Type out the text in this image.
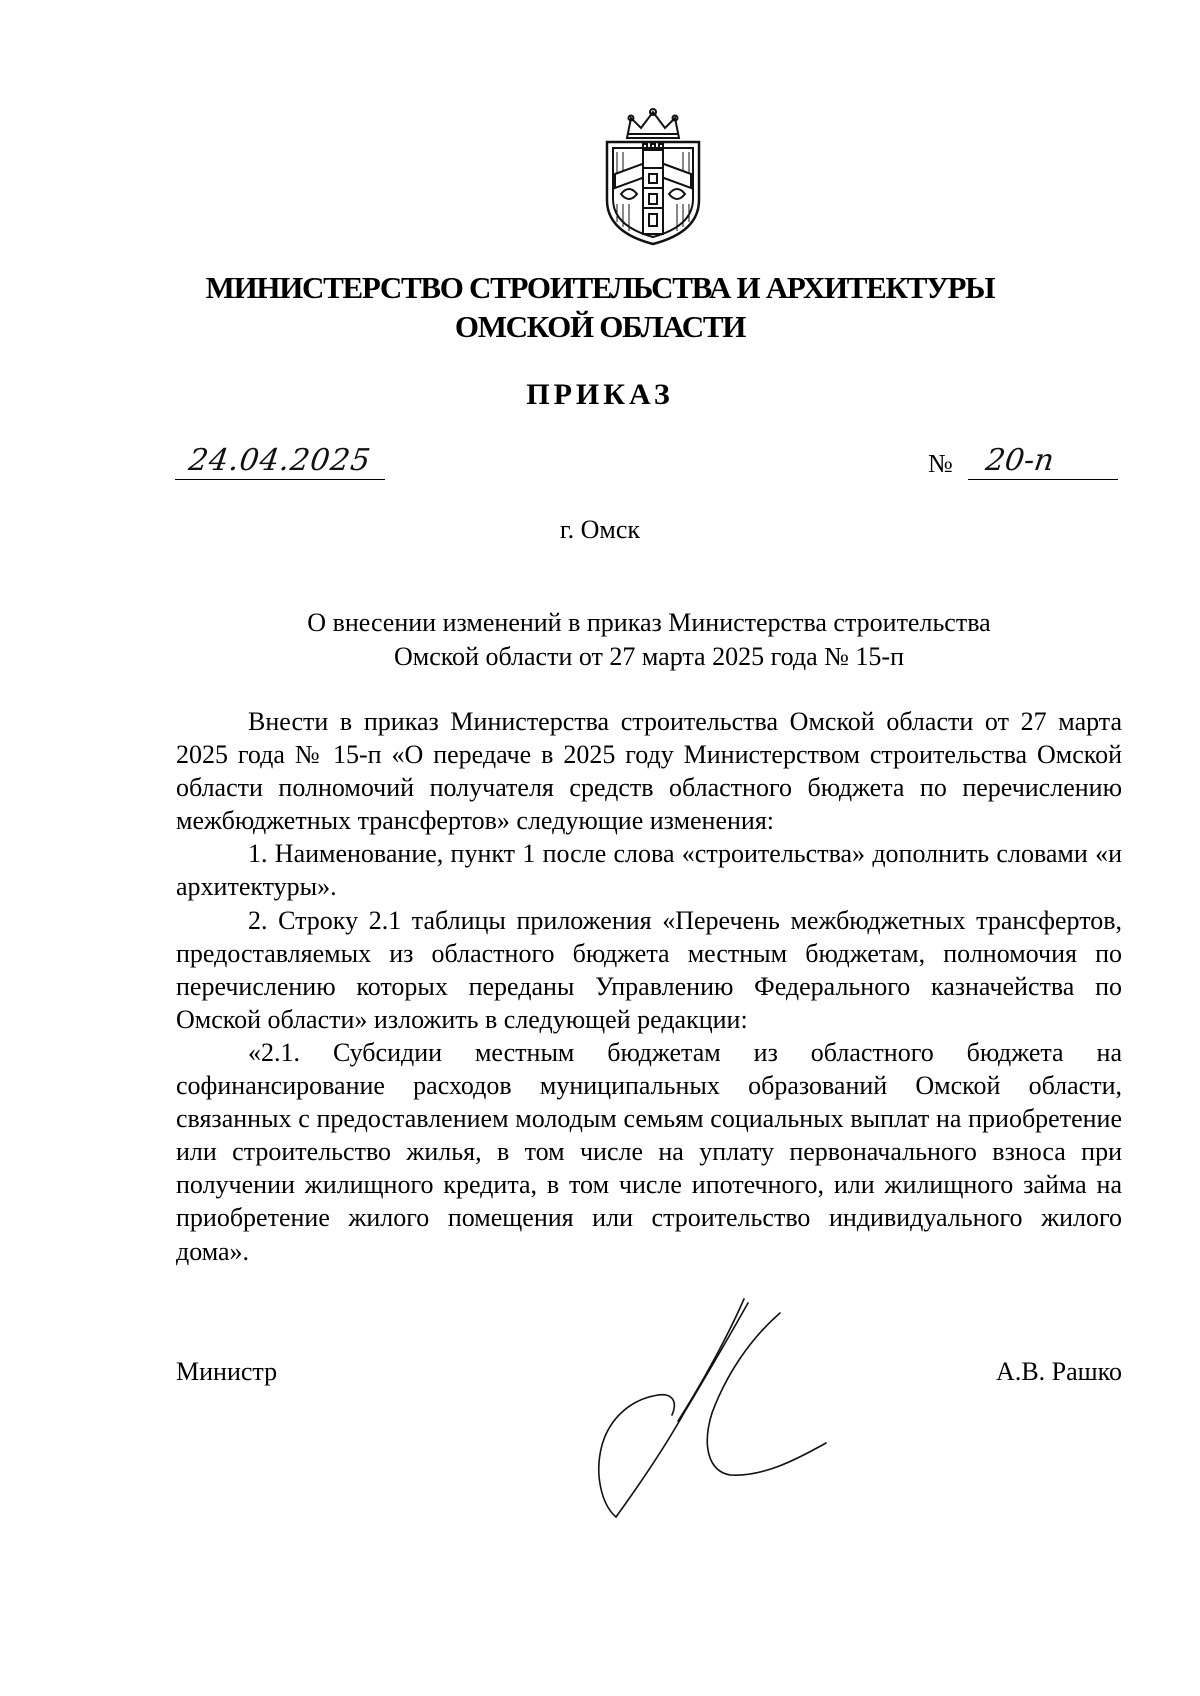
МИНИСТЕРСТВО СТРОИТЕЛЬСТВА И АРХИТЕКТУРЫ
ОМСКОЙ ОБЛАСТИ
ПРИКАЗ
24.04.2025	№ 20-п
г. Омск
О внесении изменений в приказ Министерства строительства
Омской области от 27 марта 2025 года № 15-п

Внести в приказ Министерства строительства Омской области от 27 марта 2025 года № 15-п «О передаче в 2025 году Министерством строительства Омской области полномочий получателя средств областного бюджета по перечислению межбюджетных трансфертов» следующие изменения:

1. Наименование, пункт 1 после слова «строительства» дополнить словами «и архитектуры».

2. Строку 2.1 таблицы приложения «Перечень межбюджетных трансфертов, предоставляемых из областного бюджета местным бюджетам, полномочия по перечислению которых переданы Управлению Федерального казначейства по Омской области» изложить в следующей редакции:

«2.1. Субсидии местным бюджетам из областного бюджета на софинансирование расходов муниципальных образований Омской области, связанных с предоставлением молодым семьям социальных выплат на приобретение или строительство жилья, в том числе на уплату первоначального взноса при получении жилищного кредита, в том числе ипотечного, или жилищного займа на приобретение жилого помещения или строительство индивидуального жилого дома».

Министр	А.В. Рашко
